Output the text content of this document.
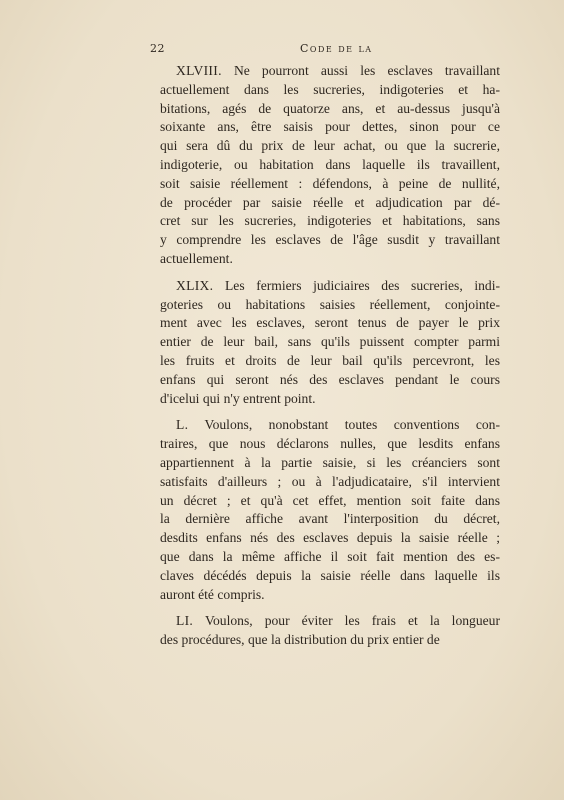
22	Code de la
XLVIII. Ne pourront aussi les esclaves travaillant
actuellement dans les sucreries, indigoteries et ha-
bitations, agés de quatorze ans, et au-dessus jusqu'à
soixante ans, être saisis pour dettes, sinon pour ce
qui sera dû du prix de leur achat, ou que la sucrerie,
indigoterie, ou habitation dans laquelle ils travaillent,
soit saisie réellement : défendons, à peine de nullité,
de procéder par saisie réelle et adjudication par dé-
cret sur les sucreries, indigoteries et habitations, sans
y comprendre les esclaves de l'âge susdit y travaillant
actuellement.
XLIX. Les fermiers judiciaires des sucreries, indi-
goteries ou habitations saisies réellement, conjointe-
ment avec les esclaves, seront tenus de payer le prix
entier de leur bail, sans qu'ils puissent compter parmi
les fruits et droits de leur bail qu'ils percevront, les
enfans qui seront nés des esclaves pendant le cours
d'icelui qui n'y entrent point.
L. Voulons, nonobstant toutes conventions con-
traires, que nous déclarons nulles, que lesdits enfans
appartiennent à la partie saisie, si les créanciers sont
satisfaits d'ailleurs ; ou à l'adjudicataire, s'il intervient
un décret ; et qu'à cet effet, mention soit faite dans
la dernière affiche avant l'interposition du décret,
desdits enfans nés des esclaves depuis la saisie réelle ;
que dans la même affiche il soit fait mention des es-
claves décédés depuis la saisie réelle dans laquelle ils
auront été compris.
LI. Voulons, pour éviter les frais et la longueur
des procédures, que la distribution du prix entier de
